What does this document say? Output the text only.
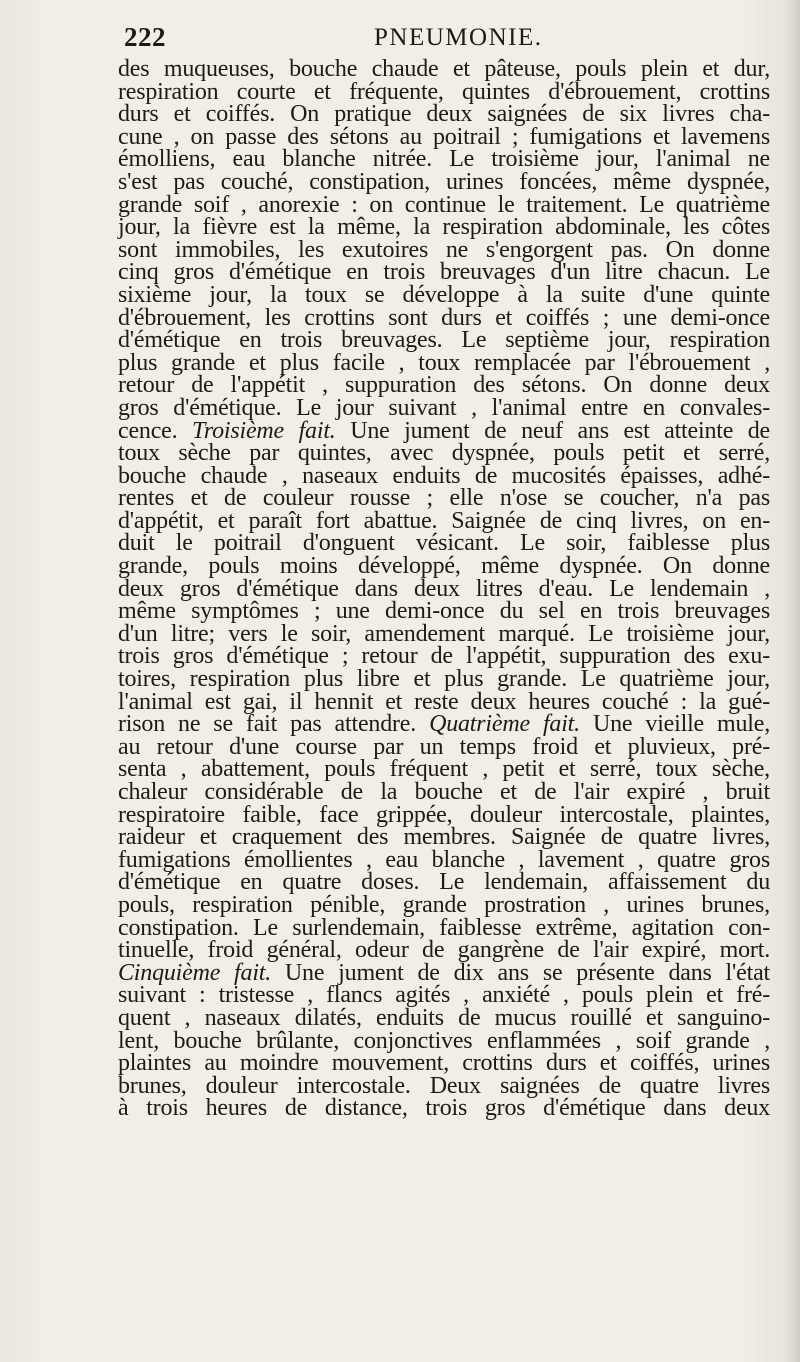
222	PNEUMONIE.
des muqueuses, bouche chaude et pâteuse, pouls plein et dur,
respiration courte et fréquente, quintes d'ébrouement, crottins
durs et coiffés. On pratique deux saignées de six livres cha-
cune , on passe des sétons au poitrail ; fumigations et lavemens
émolliens, eau blanche nitrée. Le troisième jour, l'animal ne
s'est pas couché, constipation, urines foncées, même dyspnée,
grande soif , anorexie : on continue le traitement. Le quatrième
jour, la fièvre est la même, la respiration abdominale, les côtes
sont immobiles, les exutoires ne s'engorgent pas. On donne
cinq gros d'émétique en trois breuvages d'un litre chacun. Le
sixième jour, la toux se développe à la suite d'une quinte
d'ébrouement, les crottins sont durs et coiffés ; une demi-once
d'émétique en trois breuvages. Le septième jour, respiration
plus grande et plus facile , toux remplacée par l'ébrouement ,
retour de l'appétit , suppuration des sétons. On donne deux
gros d'émétique. Le jour suivant , l'animal entre en convales-
cence. Troisième fait. Une jument de neuf ans est atteinte de
toux sèche par quintes, avec dyspnée, pouls petit et serré,
bouche chaude , naseaux enduits de mucosités épaisses, adhé-
rentes et de couleur rousse ; elle n'ose se coucher, n'a pas
d'appétit, et paraît fort abattue. Saignée de cinq livres, on en-
duit le poitrail d'onguent vésicant. Le soir, faiblesse plus
grande, pouls moins développé, même dyspnée. On donne
deux gros d'émétique dans deux litres d'eau. Le lendemain ,
même symptômes ; une demi-once du sel en trois breuvages
d'un litre; vers le soir, amendement marqué. Le troisième jour,
trois gros d'émétique ; retour de l'appétit, suppuration des exu-
toires, respiration plus libre et plus grande. Le quatrième jour,
l'animal est gai, il hennit et reste deux heures couché : la gué-
rison ne se fait pas attendre. Quatrième fait. Une vieille mule,
au retour d'une course par un temps froid et pluvieux, pré-
senta , abattement, pouls fréquent , petit et serré, toux sèche,
chaleur considérable de la bouche et de l'air expiré , bruit
respiratoire faible, face grippée, douleur intercostale, plaintes,
raideur et craquement des membres. Saignée de quatre livres,
fumigations émollientes , eau blanche , lavement , quatre gros
d'émétique en quatre doses. Le lendemain, affaissement du
pouls, respiration pénible, grande prostration , urines brunes,
constipation. Le surlendemain, faiblesse extrême, agitation con-
tinuelle, froid général, odeur de gangrène de l'air expiré, mort.
Cinquième fait. Une jument de dix ans se présente dans l'état
suivant : tristesse , flancs agités , anxiété , pouls plein et fré-
quent , naseaux dilatés, enduits de mucus rouillé et sanguino-
lent, bouche brûlante, conjonctives enflammées , soif grande ,
plaintes au moindre mouvement, crottins durs et coiffés, urines
brunes, douleur intercostale. Deux saignées de quatre livres
à trois heures de distance, trois gros d'émétique dans deux
